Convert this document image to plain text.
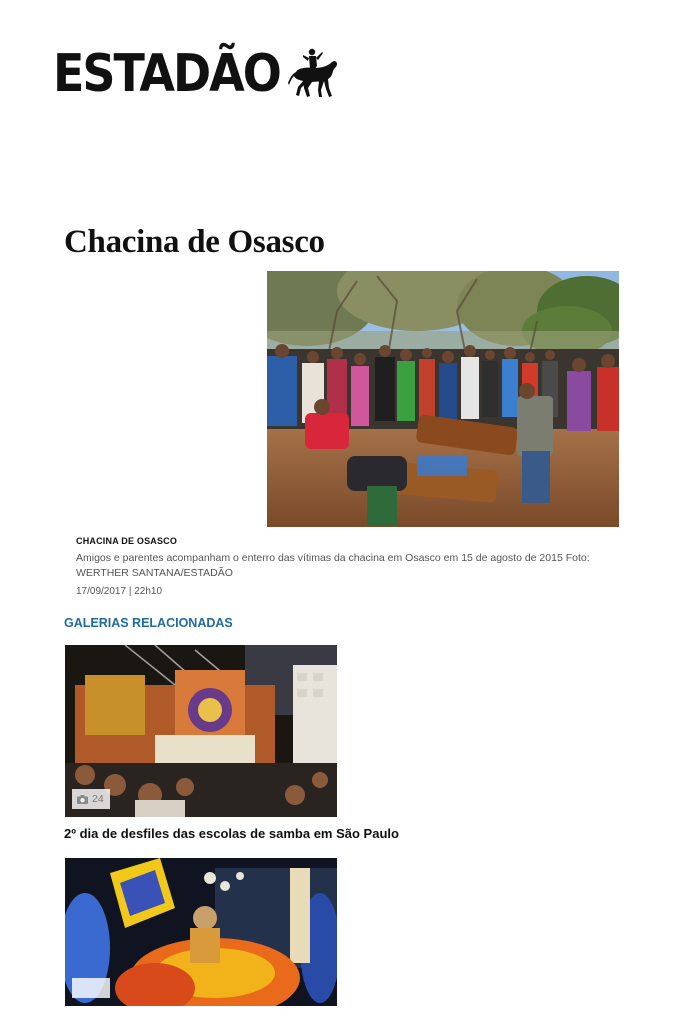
ESTADÃO
Chacina de Osasco
CHACINA DE OSASCO
Amigos e parentes acompanham o enterro das vítimas da chacina em Osasco em 15 de agosto de 2015 Foto: WERTHER SANTANA/ESTADÃO
17/09/2017 | 22h10
GALERIAS RELACIONADAS
24
2º dia de desfiles das escolas de samba em São Paulo
